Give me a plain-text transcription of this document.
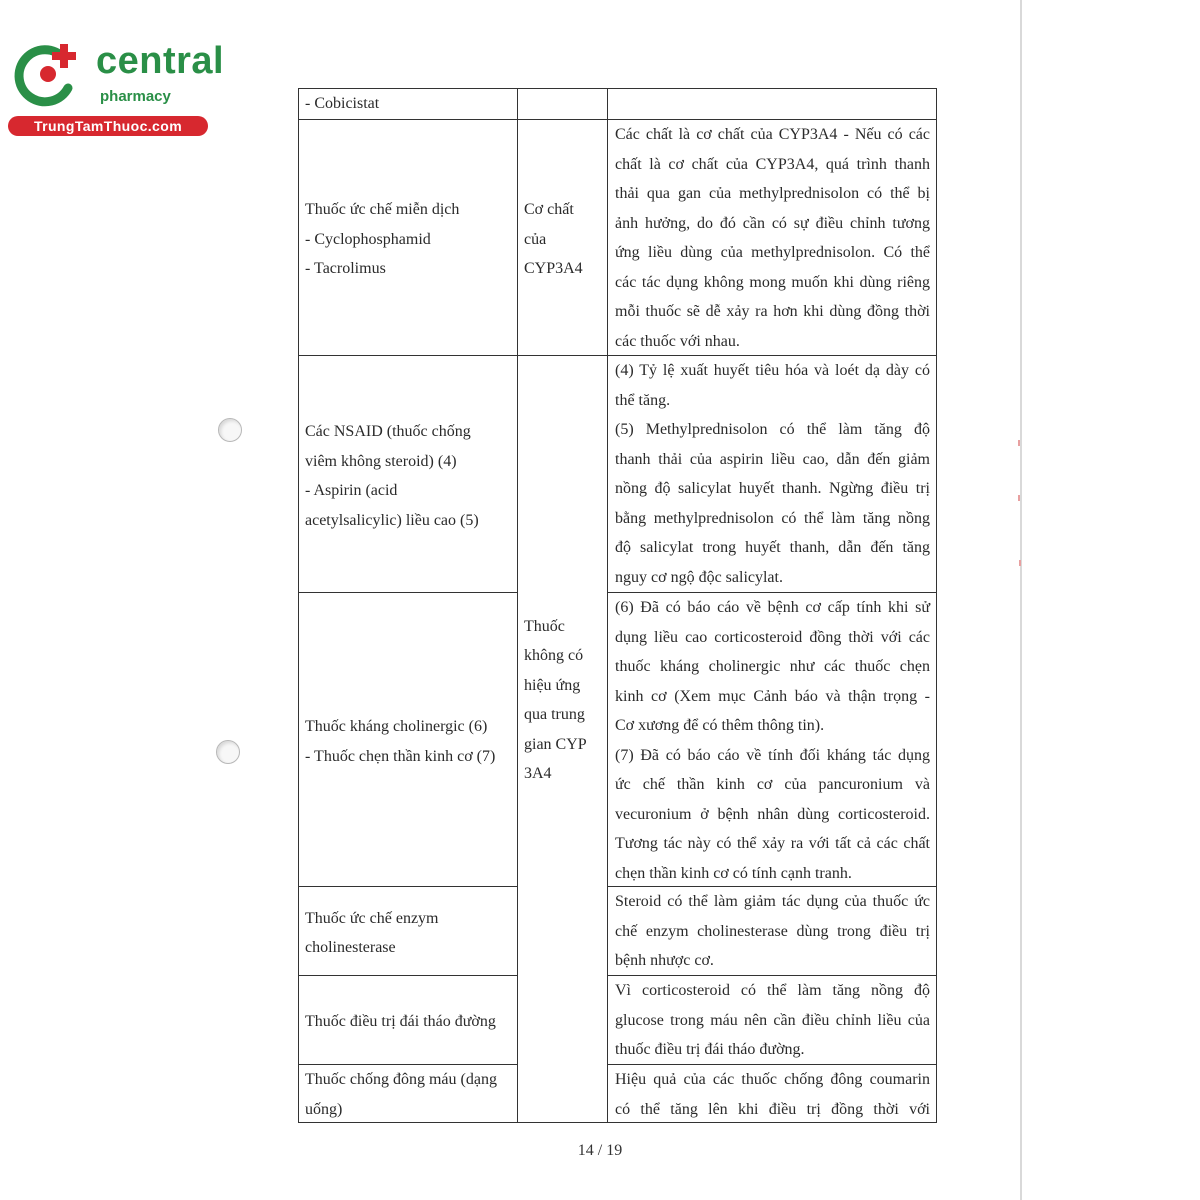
central
pharmacy
TrungTamThuoc.com
- Cobicistat
Thuốc ức chế miễn dịch
- Cyclophosphamid
- Tacrolimus
Cơ chất
của
CYP3A4
Các chất là cơ chất của CYP3A4 - Nếu có các
chất là cơ chất của CYP3A4, quá trình thanh
thải qua gan của methylprednisolon có thể bị
ảnh hưởng, do đó cần có sự điều chỉnh tương
ứng liều dùng của methylprednisolon. Có thể
các tác dụng không mong muốn khi dùng riêng
mỗi thuốc sẽ dễ xảy ra hơn khi dùng đồng thời
các thuốc với nhau.
Các NSAID (thuốc chống
viêm không steroid) (4)
- Aspirin (acid
acetylsalicylic) liều cao (5)
(4) Tỷ lệ xuất huyết tiêu hóa và loét dạ dày có
thể tăng.
(5) Methylprednisolon có thể làm tăng độ
thanh thải của aspirin liều cao, dẫn đến giảm
nồng độ salicylat huyết thanh. Ngừng điều trị
bằng methylprednisolon có thể làm tăng nồng
độ salicylat trong huyết thanh, dẫn đến tăng
nguy cơ ngộ độc salicylat.
Thuốc
không có
hiệu ứng
qua trung
gian CYP
3A4
Thuốc kháng cholinergic (6)
- Thuốc chẹn thần kinh cơ (7)
(6) Đã có báo cáo về bệnh cơ cấp tính khi sử
dụng liều cao corticosteroid đồng thời với các
thuốc kháng cholinergic như các thuốc chẹn
kinh cơ (Xem mục Cảnh báo và thận trọng -
Cơ xương để có thêm thông tin).
(7) Đã có báo cáo về tính đối kháng tác dụng
ức chế thần kinh cơ của pancuronium và
vecuronium ở bệnh nhân dùng corticosteroid.
Tương tác này có thể xảy ra với tất cả các chất
chẹn thần kinh cơ có tính cạnh tranh.
Thuốc ức chế enzym
cholinesterase
Steroid có thể làm giảm tác dụng của thuốc ức
chế enzym cholinesterase dùng trong điều trị
bệnh nhược cơ.
Thuốc điều trị đái tháo đường
Vì corticosteroid có thể làm tăng nồng độ
glucose trong máu nên cần điều chỉnh liều của
thuốc điều trị đái tháo đường.
Thuốc chống đông máu (dạng
uống)
Hiệu quả của các thuốc chống đông coumarin
có thể tăng lên khi điều trị đồng thời với
14 / 19
